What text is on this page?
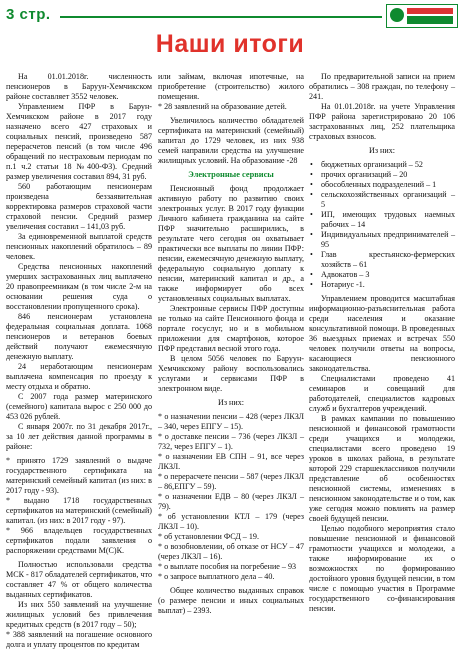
3 стр.
Наши итоги

На 01.01.2018г. численность пенсионеров в Баруун-Хемчикском районе составляет 3552 человек.

Управлением ПФР в Барун-Хемчикском районе в 2017 году назначено всего 427 страховых и социальных пенсий, произведено 587 перерасчетов пенсий (в том числе 496 обращений по нестраховым периодам по п.1 ч.2 статьи 18 №400-ФЗ). Средний размер увеличения составил 894, 31 руб.

560 работающим пенсионерам произведена беззаявительная корректировка размеров страховой части страховой пенсии. Средний размер увеличения составил – 141,03 руб.

За единовременной выплатой средств пенсионных накоплений обратилось – 89 человек.

Средства пенсионных накоплений умерших застрахованных лиц выплачено 20 правопреемникам (в том числе 2-м на основании решения суда о восстановлении пропущенного срока).

846 пенсионерам установлена федеральная социальная доплата. 1068 пенсионеров и ветеранов боевых действий получают ежемесячную денежную выплату.

24 неработающим пенсионерам выплачена компенсация по проезду к месту отдыха и обратно.

С 2007 года размер материнского (семейного) капитала вырос с 250 000 до 453 026 рублей.

С января 2007г. по 31 декабря 2017г., за 10 лет действия данной программы в районе:

* принято 1729 заявлений о выдаче государственного сертификата на материнский семейный капитал (из них: в 2017 году - 93).

* выдано 1718 государственных сертификатов на материнский (семейный) капитал. (из них: в 2017 году - 97).

* 966 владельцев государственных сертификатов подали заявления о распоряжении средствами М(С)К.

Полностью использовали средства МСК - 817 обладателей сертификатов, что составляет 47 % от общего количества выданных сертификатов.

Из них 550 заявлений на улучшение жилищных условий без привлечения кредитных средств (в 2017 году – 50);

* 388 заявлений на погашение основного долга и уплату процентов по кредитам

или займам, включая ипотечные, на приобретение (строительство) жилого помещения.

* 28 заявлений на образование детей.

Увеличилось количество обладателей сертификата на материнский (семейный) капитал до 1729 человек, из них 938 семей направили средства на улучшение жилищных условий. На образование -28

Электронные сервисы

Пенсионный фонд продолжает активную работу по развитию своих электронных услуг. В 2017 году функции Личного кабинета гражданина на сайте ПФР значительно расширились, в результате чего сегодня он охватывает практически все выплаты по линии ПФР: пенсии, ежемесячную денежную выплату, федеральную социальную доплату к пенсии, материнский капитал и др., а также информирует обо всех установленных социальных выплатах.

Электронные сервисы ПФР доступны не только на сайте Пенсионного фонда и портале госуслуг, но и в мобильном приложении для смартфонов, которое ПФР представил весной этого года.

В целом 5056 человек по Баруун-Хемчикскому району воспользовались услугами и сервисами ПФР в электронном виде.

Из них:

* о назначении пенсии – 428 (через ЛКЗЛ – 340, через ЕПГУ – 15).

* о доставке пенсии – 736 (через ЛКЗЛ – 732, через ЕПГУ – 1).

* о назначении ЕВ СПН – 91, все через ЛКЗЛ.

* о перерасчете пенсии – 587 (через ЛКЗЛ – 86,ЕПГУ – 59).

* о назначении ЕДВ – 80 (через ЛКЗЛ – 79).

* об установлении КТЛ – 179 (через ЛКЗЛ – 10).

* об установлении ФСД – 19.

* о возобновлении, об отказе от НСУ – 47 (через ЛКЗЛ – 16).

* о выплате пособия на погребение – 93

* о запросе выплатного дела – 40.

Общее количество выданных справок (о размере пенсии и иных социальных выплат) – 2393.

По предварительной записи на прием обратились – 308 граждан, по телефону – 241.

На 01.01.2018г. на учете Управления ПФР района зарегистрировано 20 106 застрахованных лиц, 252 плательщика страховых взносов.

Из них:
• бюджетных организаций – 52
• прочих организаций – 20
• обособленных подразделений – 1
• сельскохозяйственных организаций – 5
• ИП, имеющих трудовых наемных рабочих – 14
• Индивидуальных предпринимателей – 95
• Глав крестьянско-фермерских хозяйств – 61
• Адвокатов – 3
• Нотариус -1.

Управлением проводится масштабная информационно-разъяснительная работа среди населения и оказание консультативной помощи. В проведенных 36 выездных приемах и встречах 550 человек получили ответы на вопросы, касающиеся пенсионного законодательства.

Специалистами проведено 41 семинаров и совещаний для работодателей, специалистов кадровых служб и бухгалтеров учреждений.

В рамках кампании по повышению пенсионной и финансовой грамотности среди учащихся и молодежи, специалистами всего проведено 19 уроков в школах района, в результате которой 229 старшеклассников получили представление об особенностях пенсионной системы, изменениях в пенсионном законодательстве и о том, как уже сегодня можно повлиять на размер своей будущей пенсии.

Целью подобного мероприятия стало повышение пенсионной и финансовой грамотности учащихся и молодежи, а также информирование их о возможностях по формированию достойного уровня будущей пенсии, в том числе с помощью участия в Программе государственного со-финансирования пенсии.
